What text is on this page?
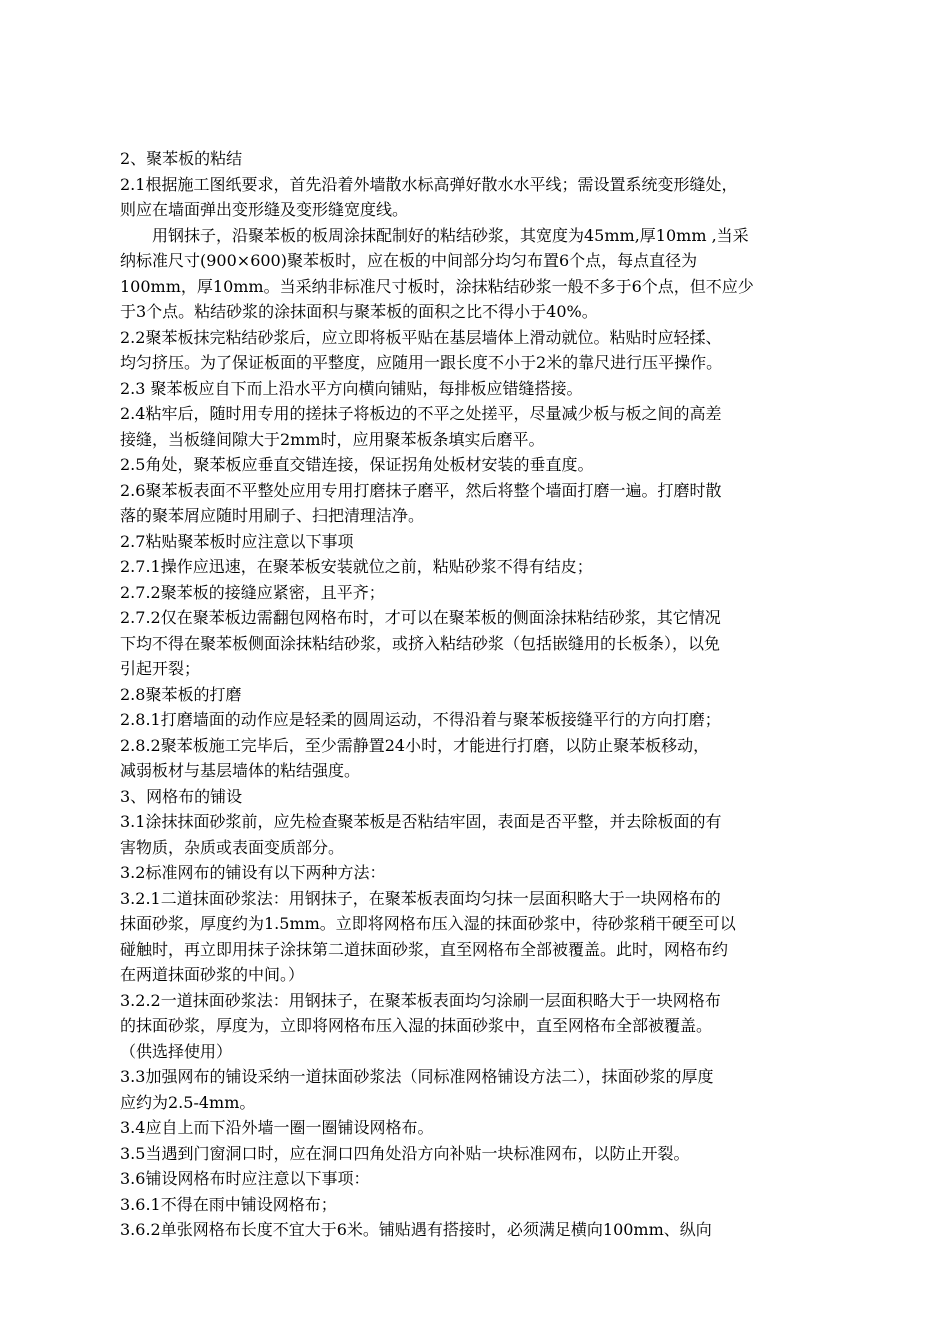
2、聚苯板的粘结

2.1根据施工图纸要求，首先沿着外墙散水标高弹好散水水平线；需设置系统变形缝处，

则应在墙面弹出变形缝及变形缝宽度线。

用钢抹子，沿聚苯板的板周涂抹配制好的粘结砂浆，其宽度为45mm,厚10mm ,当采

纳标准尺寸(900×600)聚苯板时，应在板的中间部分均匀布置6个点，每点直径为

100mm，厚10mm。当采纳非标准尺寸板时，涂抹粘结砂浆一般不多于6个点，但不应少

于3个点。粘结砂浆的涂抹面积与聚苯板的面积之比不得小于40%。

2.2聚苯板抹完粘结砂浆后，应立即将板平贴在基层墙体上滑动就位。粘贴时应轻揉、

均匀挤压。为了保证板面的平整度，应随用一跟长度不小于2米的靠尺进行压平操作。

2.3 聚苯板应自下而上沿水平方向横向铺贴，每排板应错缝搭接。

2.4粘牢后，随时用专用的搓抹子将板边的不平之处搓平，尽量减少板与板之间的高差

接缝，当板缝间隙大于2mm时，应用聚苯板条填实后磨平。

2.5角处，聚苯板应垂直交错连接，保证拐角处板材安装的垂直度。

2.6聚苯板表面不平整处应用专用打磨抹子磨平，然后将整个墙面打磨一遍。打磨时散

落的聚苯屑应随时用刷子、扫把清理洁净。

2.7粘贴聚苯板时应注意以下事项

2.7.1操作应迅速，在聚苯板安装就位之前，粘贴砂浆不得有结皮；

2.7.2聚苯板的接缝应紧密，且平齐；

2.7.2仅在聚苯板边需翻包网格布时，才可以在聚苯板的侧面涂抹粘结砂浆，其它情况

下均不得在聚苯板侧面涂抹粘结砂浆，或挤入粘结砂浆（包括嵌缝用的长板条），以免

引起开裂；

2.8聚苯板的打磨

2.8.1打磨墙面的动作应是轻柔的圆周运动，不得沿着与聚苯板接缝平行的方向打磨；

2.8.2聚苯板施工完毕后，至少需静置24小时，才能进行打磨，以防止聚苯板移动，

减弱板材与基层墙体的粘结强度。

3、网格布的铺设

3.1涂抹抹面砂浆前，应先检查聚苯板是否粘结牢固，表面是否平整，并去除板面的有

害物质，杂质或表面变质部分。

3.2标准网布的铺设有以下两种方法：

3.2.1二道抹面砂浆法：用钢抹子，在聚苯板表面均匀抹一层面积略大于一块网格布的

抹面砂浆，厚度约为1.5mm。立即将网格布压入湿的抹面砂浆中，待砂浆稍干硬至可以

碰触时，再立即用抹子涂抹第二道抹面砂浆，直至网格布全部被覆盖。此时，网格布约

在两道抹面砂浆的中间。）

3.2.2一道抹面砂浆法：用钢抹子，在聚苯板表面均匀涂刷一层面积略大于一块网格布

的抹面砂浆，厚度为，立即将网格布压入湿的抹面砂浆中，直至网格布全部被覆盖。

（供选择使用）

3.3加强网布的铺设采纳一道抹面砂浆法（同标准网格铺设方法二），抹面砂浆的厚度

应约为2.5-4mm。

3.4应自上而下沿外墙一圈一圈铺设网格布。

3.5当遇到门窗洞口时，应在洞口四角处沿方向补贴一块标准网布，以防止开裂。

3.6铺设网格布时应注意以下事项：

3.6.1不得在雨中铺设网格布；

3.6.2单张网格布长度不宜大于6米。铺贴遇有搭接时，必须满足横向100mm、纵向
